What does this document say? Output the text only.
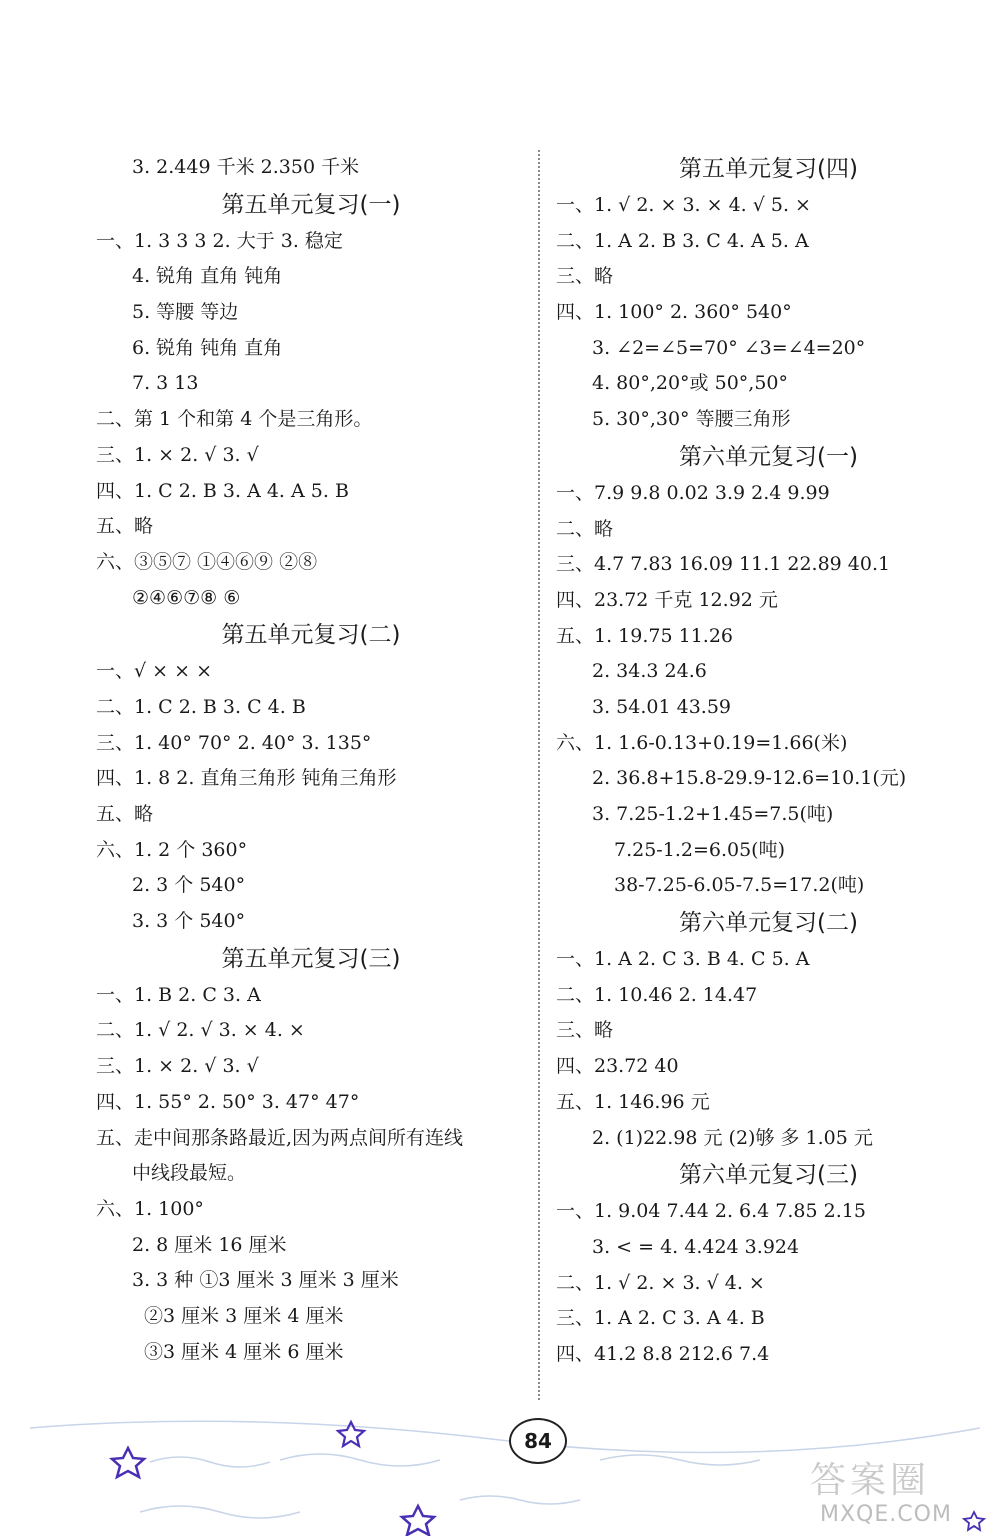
3. 2.449 千米 2.350 千米
第五单元复习(一)
一、1. 3 3 3 2. 大于 3. 稳定
4. 锐角 直角 钝角
5. 等腰 等边
6. 锐角 钝角 直角
7. 3 13
二、第 1 个和第 4 个是三角形。
三、1. × 2. √ 3. √
四、1. C 2. B 3. A 4. A 5. B
五、略
六、③⑤⑦ ①④⑥⑨ ②⑧
②④⑥⑦⑧ ⑥
第五单元复习(二)
一、√ × × ×
二、1. C 2. B 3. C 4. B
三、1. 40° 70° 2. 40° 3. 135°
四、1. 8 2. 直角三角形 钝角三角形
五、略
六、1. 2 个 360°
2. 3 个 540°
3. 3 个 540°
第五单元复习(三)
一、1. B 2. C 3. A
二、1. √ 2. √ 3. × 4. ×
三、1. × 2. √ 3. √
四、1. 55° 2. 50° 3. 47° 47°
五、走中间那条路最近,因为两点间所有连线
中线段最短。
六、1. 100°
2. 8 厘米 16 厘米
3. 3 种 ①3 厘米 3 厘米 3 厘米
②3 厘米 3 厘米 4 厘米
③3 厘米 4 厘米 6 厘米
第五单元复习(四)
一、1. √ 2. × 3. × 4. √ 5. ×
二、1. A 2. B 3. C 4. A 5. A
三、略
四、1. 100° 2. 360° 540°
3. ∠2=∠5=70° ∠3=∠4=20°
4. 80°,20°或 50°,50°
5. 30°,30° 等腰三角形
第六单元复习(一)
一、7.9 9.8 0.02 3.9 2.4 9.99
二、略
三、4.7 7.83 16.09 11.1 22.89 40.1
四、23.72 千克 12.92 元
五、1. 19.75 11.26
2. 34.3 24.6
3. 54.01 43.59
六、1. 1.6-0.13+0.19=1.66(米)
2. 36.8+15.8-29.9-12.6=10.1(元)
3. 7.25-1.2+1.45=7.5(吨)
7.25-1.2=6.05(吨)
38-7.25-6.05-7.5=17.2(吨)
第六单元复习(二)
一、1. A 2. C 3. B 4. C 5. A
二、1. 10.46 2. 14.47
三、略
四、23.72 40
五、1. 146.96 元
2. (1)22.98 元 (2)够 多 1.05 元
第六单元复习(三)
一、1. 9.04 7.44 2. 6.4 7.85 2.15
3. < = 4. 4.424 3.924
二、1. √ 2. × 3. √ 4. ×
三、1. A 2. C 3. A 4. B
四、41.2 8.8 212.6 7.4
84
答案圈
MXQE.COM
